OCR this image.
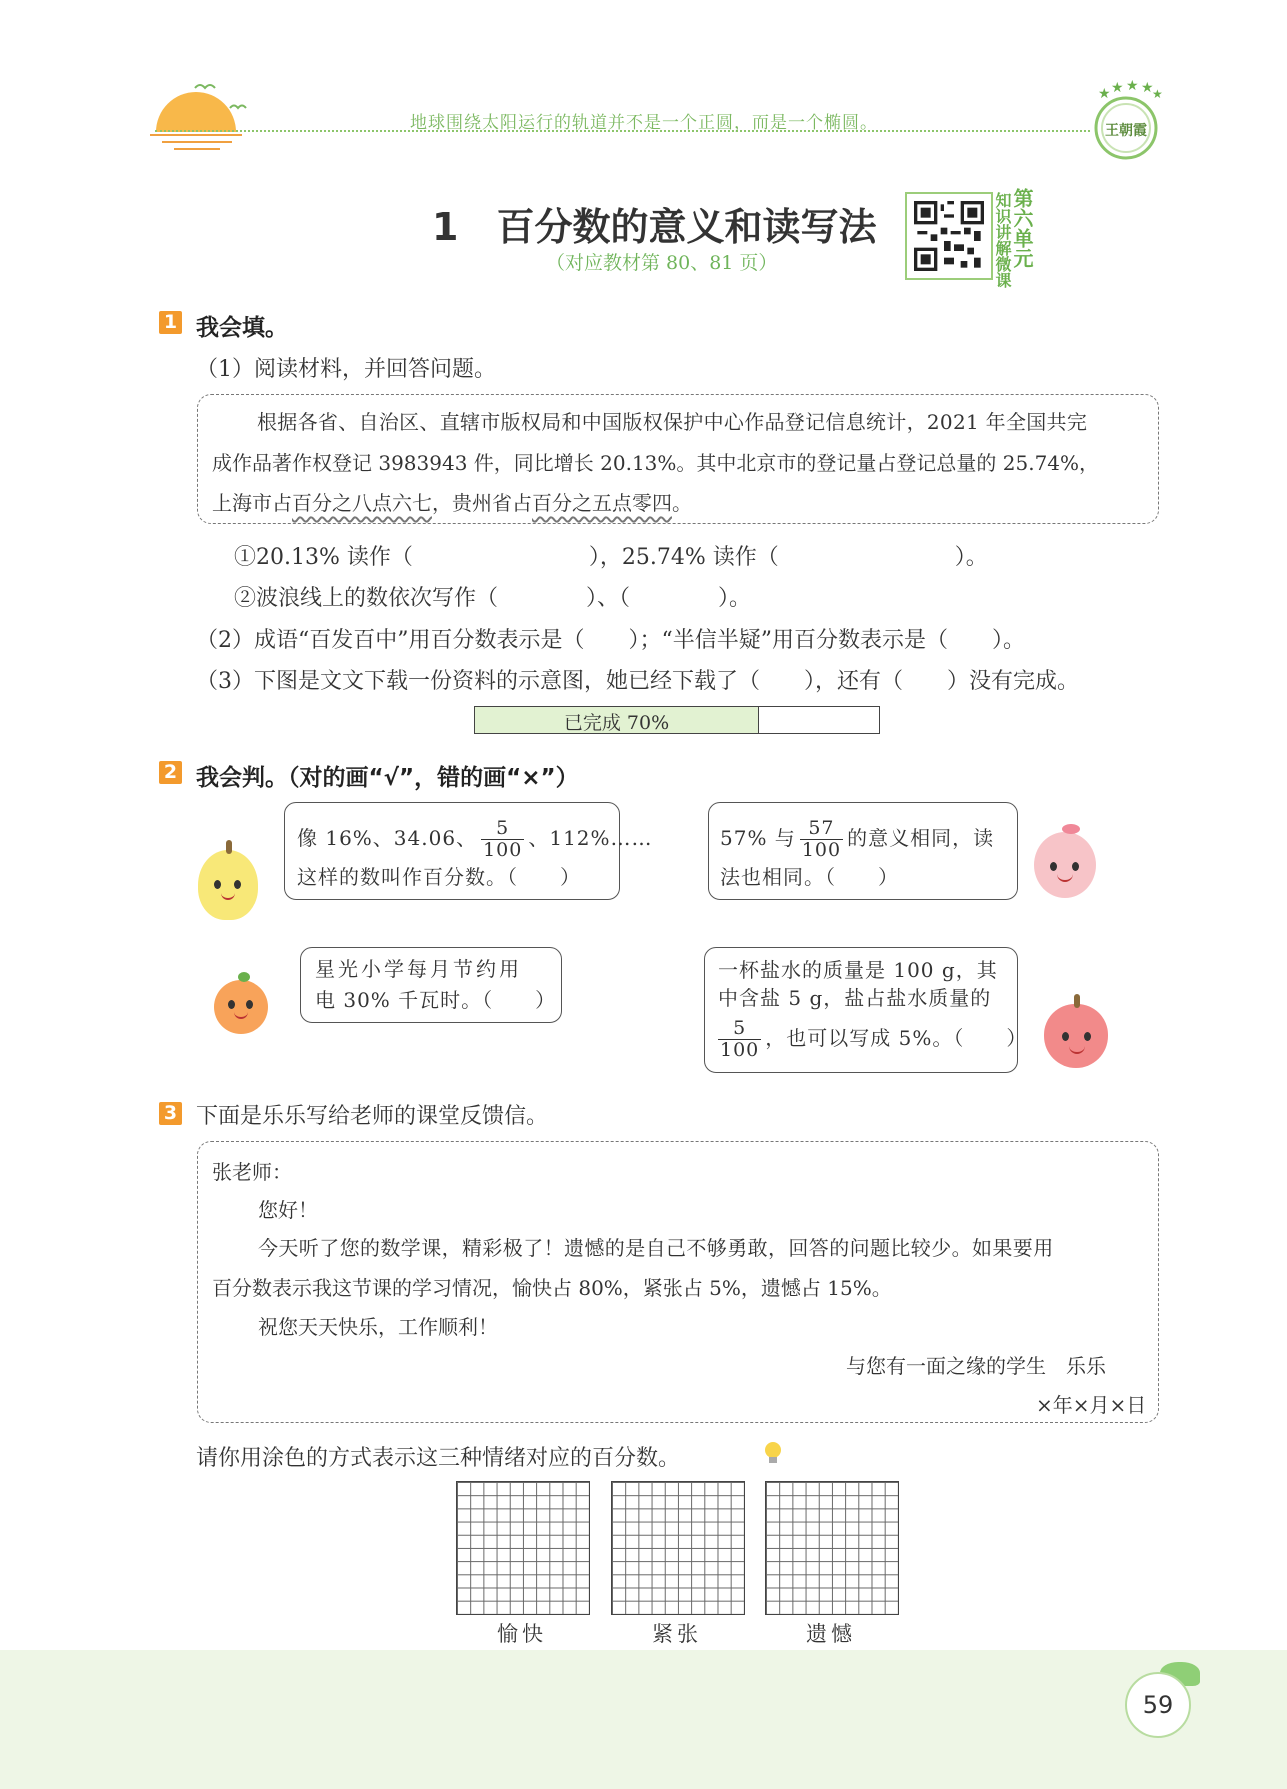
地球围绕太阳运行的轨道并不是一个正圆，而是一个椭圆。
★ ★ ★ ★
★
王朝霞
1　百分数的意义和读写法
（对应教材第 80、81 页）	知识讲解微课
第六单元
1 我会填。
（1）阅读材料，并回答问题。
根据各省、自治区、直辖市版权局和中国版权保护中心作品登记信息统计，2021 年全国共完
成作品著作权登记 3983943 件，同比增长 20.13%。其中北京市的登记量占登记总量的 25.74%，
上海市占百分之八点六七，贵州省占百分之五点零四。
①20.13% 读作（　　　　　　　　），25.74% 读作（　　　　　　　　）。
②波浪线上的数依次写作（　　　　）、（　　　　）。
（2）成语“百发百中”用百分数表示是（　　）；“半信半疑”用百分数表示是（　　）。
（3）下图是文文下载一份资料的示意图，她已经下载了（　　），还有（　　）没有完成。
已完成 70%
2 我会判。（对的画“√”，错的画“×”）
像 16%、34.06、 $\frac{5}{100}$ 、112%……
这样的数叫作百分数。（　　）
57% 与 $\frac{57}{100}$ 的意义相同，读
法也相同。（　　）
星光小学每月节约用
电 30% 千瓦时。（　　）
一杯盐水的质量是 100 g，其
中含盐 5 g，盐占盐水质量的
$\frac{5}{100}$ ，也可以写成 5%。（　　）
3 下面是乐乐写给老师的课堂反馈信。
张老师：
您好！
今天听了您的数学课，精彩极了！遗憾的是自己不够勇敢，回答的问题比较少。如果要用
百分数表示我这节课的学习情况，愉快占 80%，紧张占 5%，遗憾占 15%。
祝您天天快乐，工作顺利！
与您有一面之缘的学生　乐乐
×年×月×日
请你用涂色的方式表示这三种情绪对应的百分数。
愉快	紧张	遗憾
59
